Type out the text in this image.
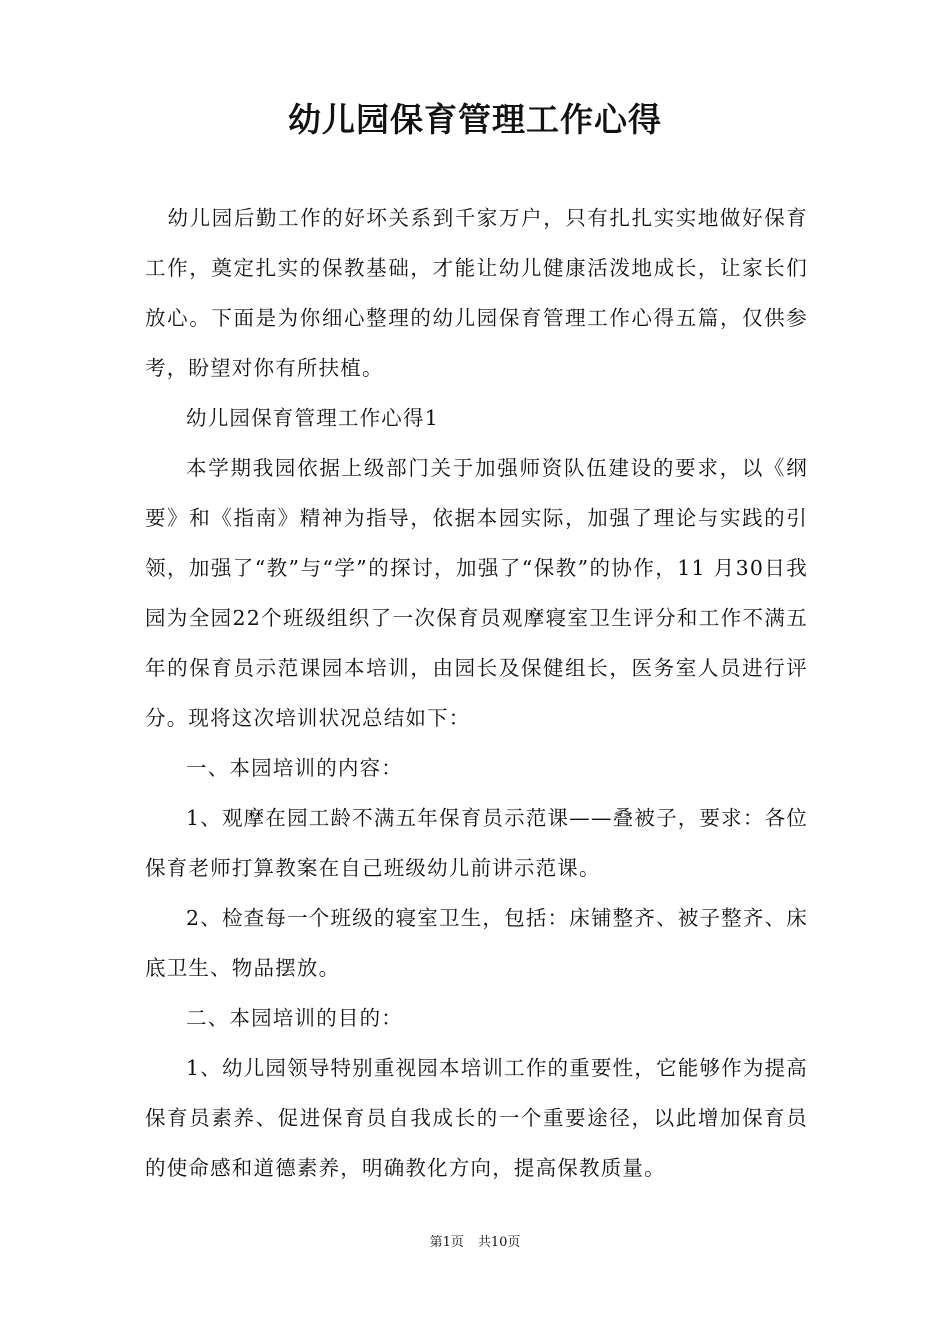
幼儿园保育管理工作心得

幼儿园后勤工作的好坏关系到千家万户，只有扎扎实实地做好保育工作，奠定扎实的保教基础，才能让幼儿健康活泼地成长，让家长们放心。下面是为你细心整理的幼儿园保育管理工作心得五篇，仅供参考，盼望对你有所扶植。

幼儿园保育管理工作心得1

本学期我园依据上级部门关于加强师资队伍建设的要求，以《纲要》和《指南》精神为指导，依据本园实际，加强了理论与实践的引领，加强了“教”与“学”的探讨，加强了“保教”的协作，11 月30日我园为全园22个班级组织了一次保育员观摩寝室卫生评分和工作不满五年的保育员示范课园本培训，由园长及保健组长，医务室人员进行评分。现将这次培训状况总结如下：

一、本园培训的内容：

1、观摩在园工龄不满五年保育员示范课——叠被子，要求：各位保育老师打算教案在自己班级幼儿前讲示范课。

2、检查每一个班级的寝室卫生，包括：床铺整齐、被子整齐、床底卫生、物品摆放。

二、本园培训的目的：

1、幼儿园领导特别重视园本培训工作的重要性，它能够作为提高保育员素养、促进保育员自我成长的一个重要途径，以此增加保育员的使命感和道德素养，明确教化方向，提高保教质量。

第1页 共10页
